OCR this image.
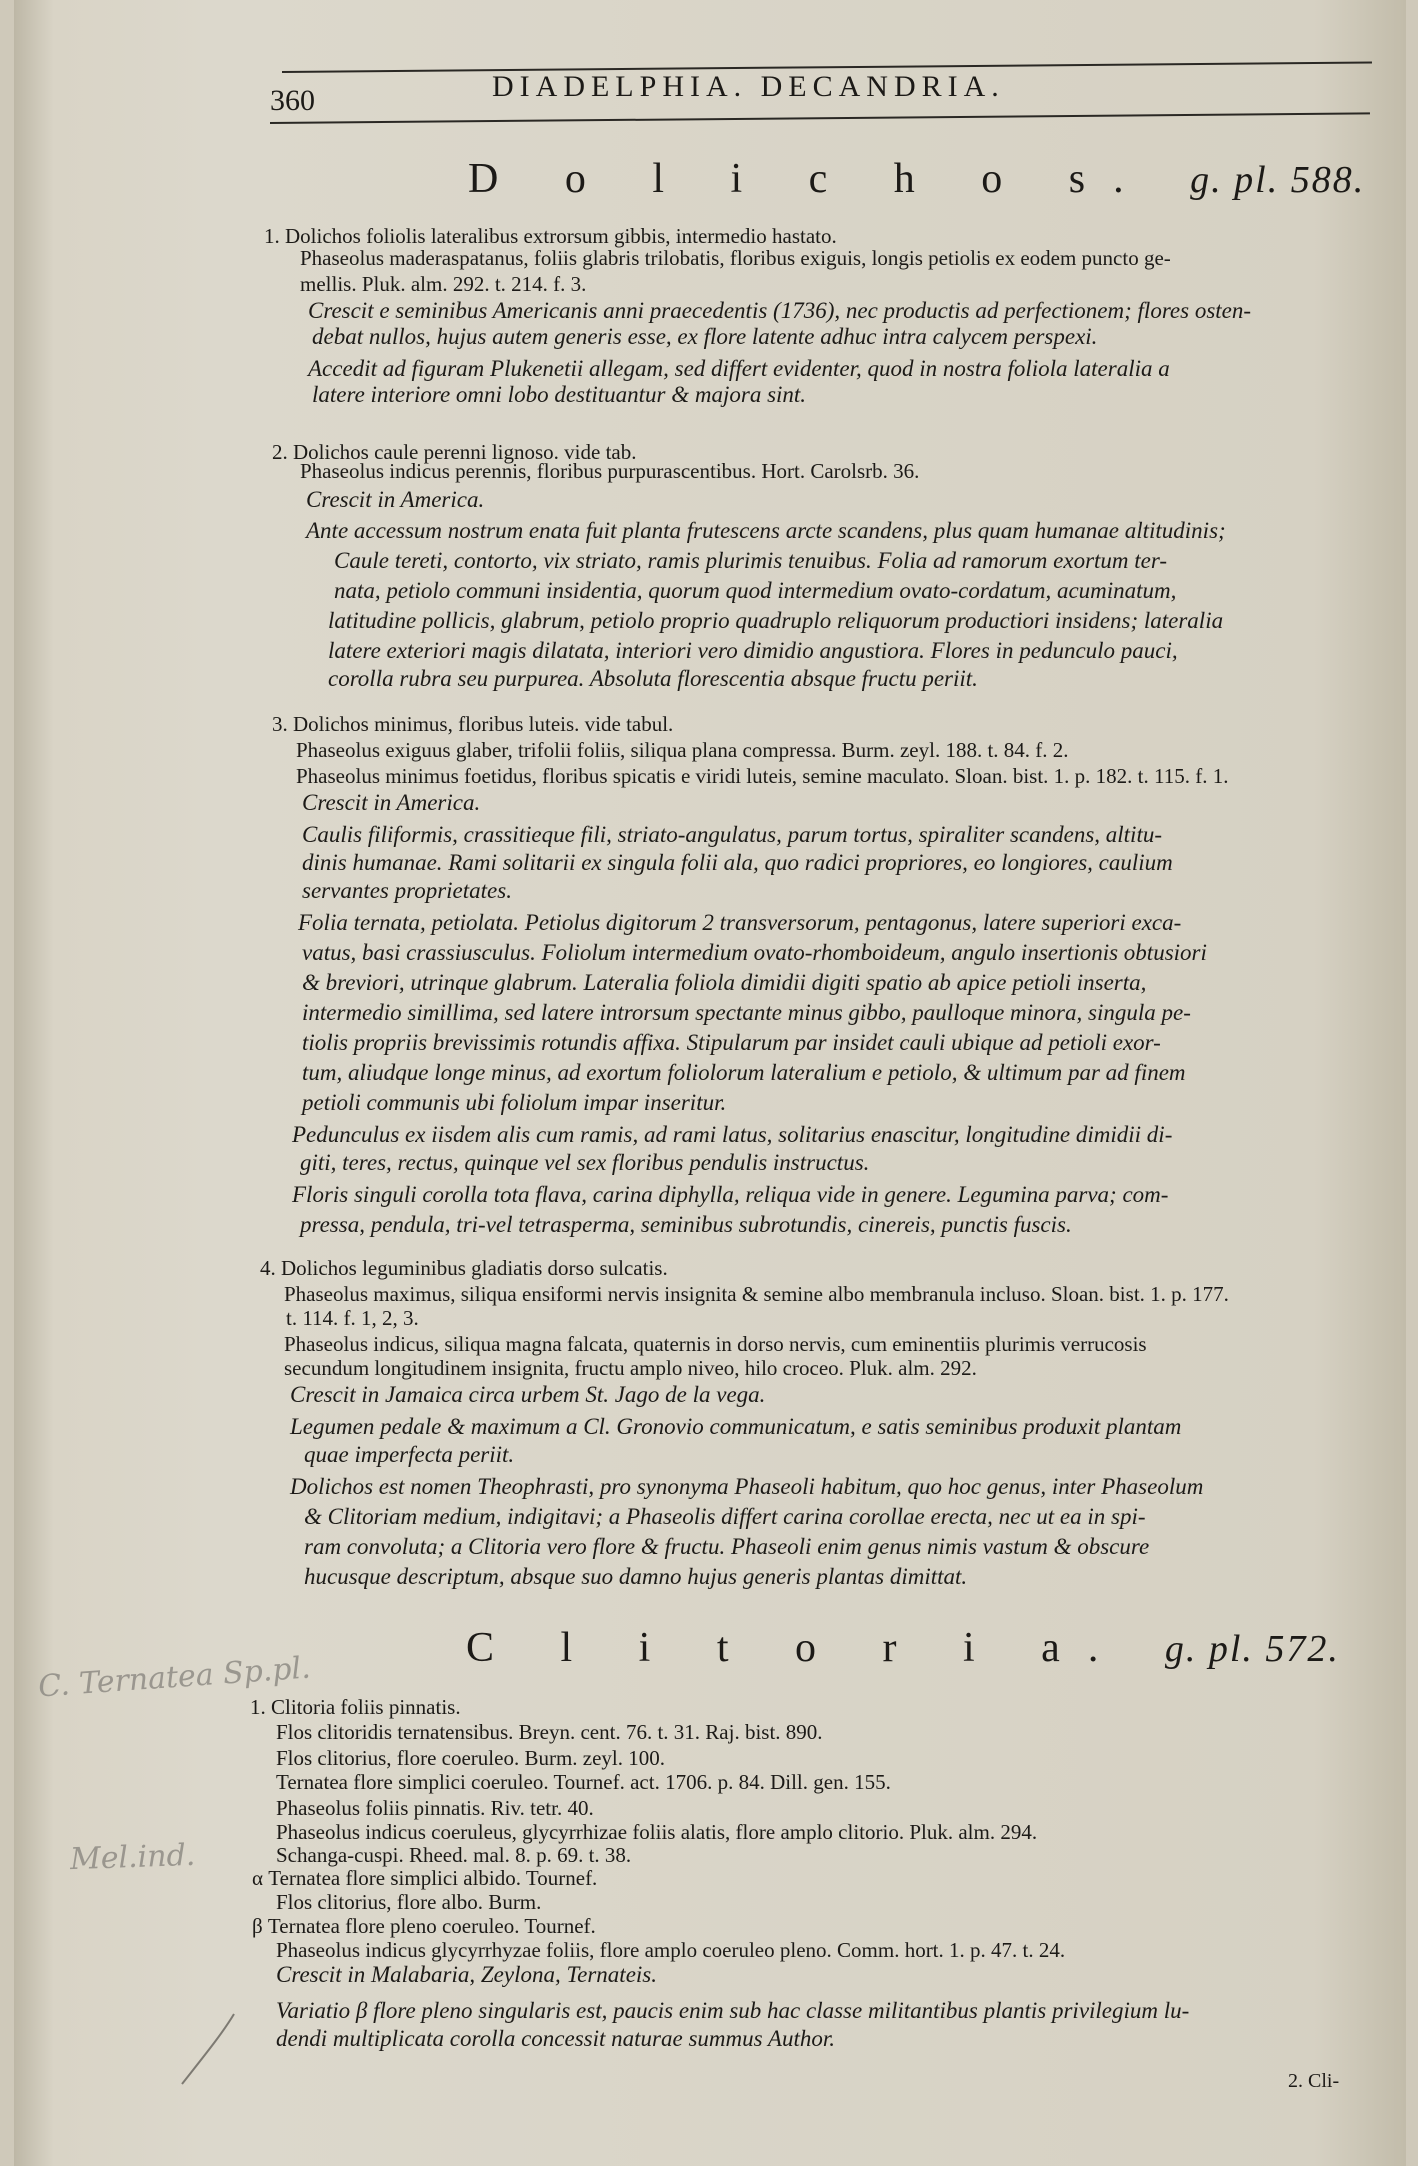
360	DIADELPHIA. DECANDRIA.
D o l i c h o s. g. pl. 588.
1. Dolichos foliolis lateralibus extrorsum gibbis, intermedio hastato.
Phaseolus maderaspatanus, foliis glabris trilobatis, floribus exiguis, longis petiolis ex eodem puncto ge-
mellis. Pluk. alm. 292. t. 214. f. 3.
Crescit e seminibus Americanis anni praecedentis (1736), nec productis ad perfectionem; flores osten-
debat nullos, hujus autem generis esse, ex flore latente adhuc intra calycem perspexi.
Accedit ad figuram Plukenetii allegam, sed differt evidenter, quod in nostra foliola lateralia a
latere interiore omni lobo destituantur & majora sint.
2. Dolichos caule perenni lignoso. vide tab.
Phaseolus indicus perennis, floribus purpurascentibus. Hort. Carolsrb. 36.
Crescit in America.
Ante accessum nostrum enata fuit planta frutescens arcte scandens, plus quam humanae altitudinis;
Caule tereti, contorto, vix striato, ramis plurimis tenuibus. Folia ad ramorum exortum ter-
nata, petiolo communi insidentia, quorum quod intermedium ovato-cordatum, acuminatum,
latitudine pollicis, glabrum, petiolo proprio quadruplo reliquorum productiori insidens; lateralia
latere exteriori magis dilatata, interiori vero dimidio angustiora. Flores in pedunculo pauci,
corolla rubra seu purpurea. Absoluta florescentia absque fructu periit.
3. Dolichos minimus, floribus luteis. vide tabul.
Phaseolus exiguus glaber, trifolii foliis, siliqua plana compressa. Burm. zeyl. 188. t. 84. f. 2.
Phaseolus minimus foetidus, floribus spicatis e viridi luteis, semine maculato. Sloan. bist. 1. p. 182. t. 115. f. 1.
Crescit in America.
Caulis filiformis, crassitieque fili, striato-angulatus, parum tortus, spiraliter scandens, altitu-
dinis humanae. Rami solitarii ex singula folii ala, quo radici propriores, eo longiores, caulium
servantes proprietates.
Folia ternata, petiolata. Petiolus digitorum 2 transversorum, pentagonus, latere superiori exca-
vatus, basi crassiusculus. Foliolum intermedium ovato-rhomboideum, angulo insertionis obtusiori
& breviori, utrinque glabrum. Lateralia foliola dimidii digiti spatio ab apice petioli inserta,
intermedio simillima, sed latere introrsum spectante minus gibbo, paulloque minora, singula pe-
tiolis propriis brevissimis rotundis affixa. Stipularum par insidet cauli ubique ad petioli exor-
tum, aliudque longe minus, ad exortum foliolorum lateralium e petiolo, & ultimum par ad finem
petioli communis ubi foliolum impar inseritur.
Pedunculus ex iisdem alis cum ramis, ad rami latus, solitarius enascitur, longitudine dimidii di-
giti, teres, rectus, quinque vel sex floribus pendulis instructus.
Floris singuli corolla tota flava, carina diphylla, reliqua vide in genere. Legumina parva; com-
pressa, pendula, tri-vel tetrasperma, seminibus subrotundis, cinereis, punctis fuscis.
4. Dolichos leguminibus gladiatis dorso sulcatis.
Phaseolus maximus, siliqua ensiformi nervis insignita & semine albo membranula incluso. Sloan. bist. 1. p. 177.
t. 114. f. 1, 2, 3.
Phaseolus indicus, siliqua magna falcata, quaternis in dorso nervis, cum eminentiis plurimis verrucosis
secundum longitudinem insignita, fructu amplo niveo, hilo croceo. Pluk. alm. 292.
Crescit in Jamaica circa urbem St. Jago de la vega.
Legumen pedale & maximum a Cl. Gronovio communicatum, e satis seminibus produxit plantam
quae imperfecta periit.
Dolichos est nomen Theophrasti, pro synonyma Phaseoli habitum, quo hoc genus, inter Phaseolum
& Clitoriam medium, indigitavi; a Phaseolis differt carina corollae erecta, nec ut ea in spi-
ram convoluta; a Clitoria vero flore & fructu. Phaseoli enim genus nimis vastum & obscure
hucusque descriptum, absque suo damno hujus generis plantas dimittat.
C l i t o r i a. g. pl. 572.
1. Clitoria foliis pinnatis.
Flos clitoridis ternatensibus. Breyn. cent. 76. t. 31. Raj. bist. 890.
Flos clitorius, flore coeruleo. Burm. zeyl. 100.
Ternatea flore simplici coeruleo. Tournef. act. 1706. p. 84. Dill. gen. 155.
Phaseolus foliis pinnatis. Riv. tetr. 40.
Phaseolus indicus coeruleus, glycyrrhizae foliis alatis, flore amplo clitorio. Pluk. alm. 294.
Schanga-cuspi. Rheed. mal. 8. p. 69. t. 38.
α Ternatea flore simplici albido. Tournef.
Flos clitorius, flore albo. Burm.
β Ternatea flore pleno coeruleo. Tournef.
Phaseolus indicus glycyrrhyzae foliis, flore amplo coeruleo pleno. Comm. hort. 1. p. 47. t. 24.
Crescit in Malabaria, Zeylona, Ternateis.
Variatio β flore pleno singularis est, paucis enim sub hac classe militantibus plantis privilegium lu-
dendi multiplicata corolla concessit naturae summus Author.
2. Cli-
C. Ternatea Sp.pl.
Mel.ind.
